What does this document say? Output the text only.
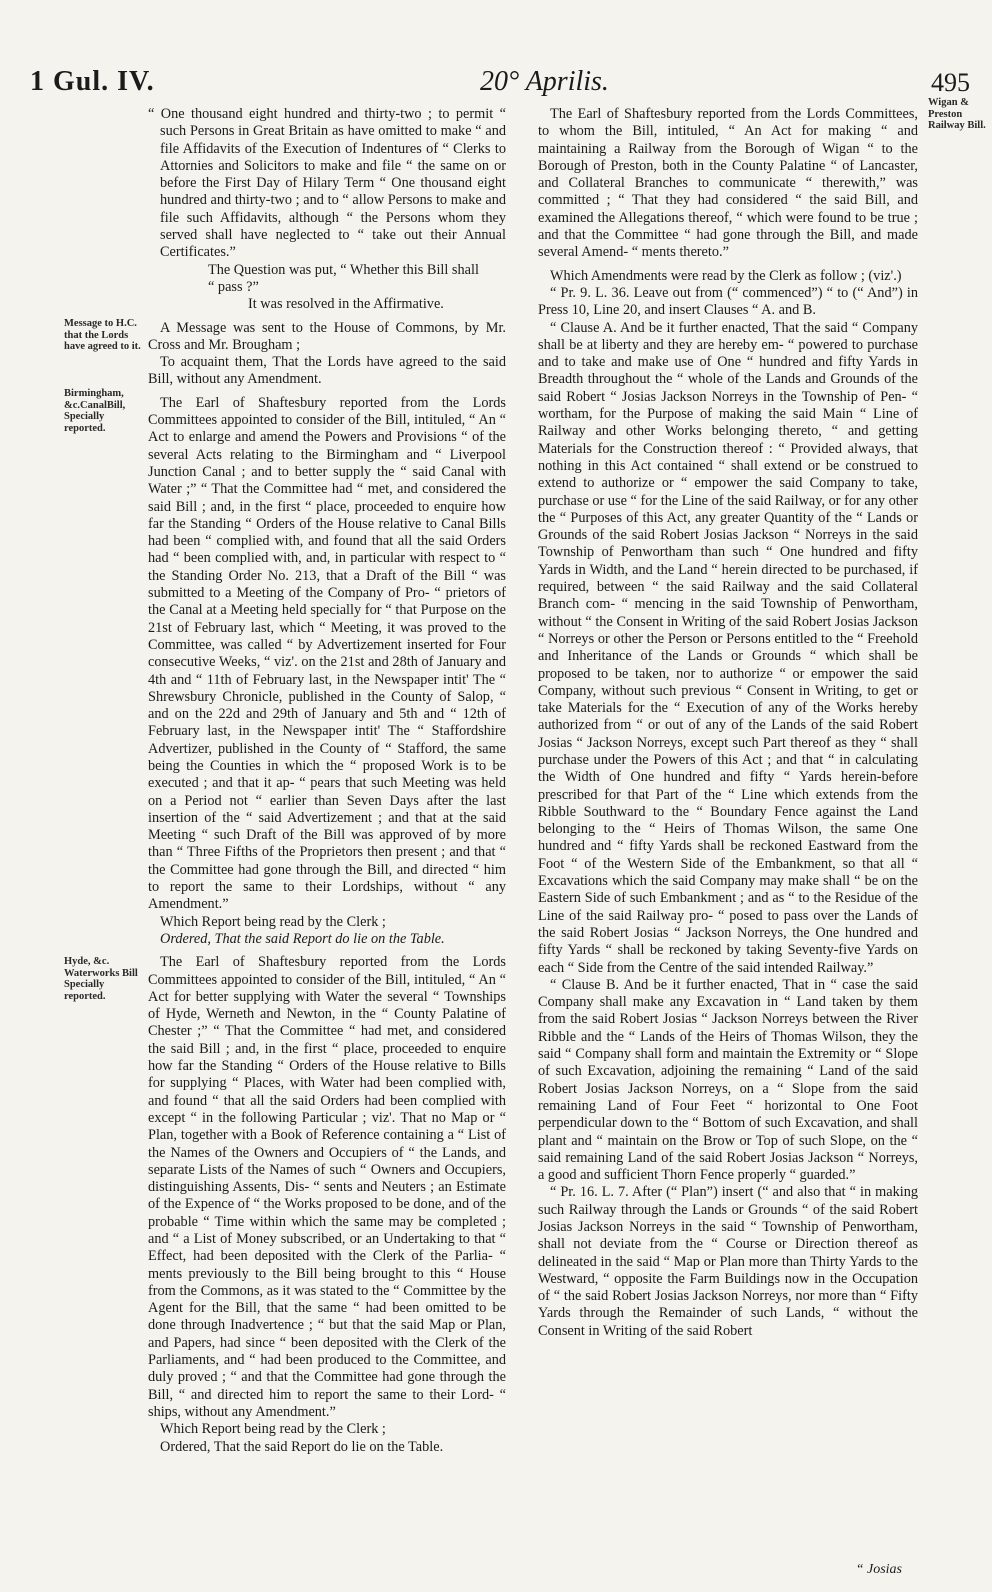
1 Gul. IV.	20° Aprilis.	495
Message to H.C. that the Lords have agreed to it.
Birmingham, &c.CanalBill, Specially reported.
Hyde, &c. Waterworks Bill Specially reported.
Wigan & Preston Railway Bill.

“ One thousand eight hundred and thirty-two ; to permit “ such Persons in Great Britain as have omitted to make “ and file Affidavits of the Execution of Indentures of “ Clerks to Attornies and Solicitors to make and file “ the same on or before the First Day of Hilary Term “ One thousand eight hundred and thirty-two ; and to “ allow Persons to make and file such Affidavits, although “ the Persons whom they served shall have neglected to “ take out their Annual Certificates.”

The Question was put, “ Whether this Bill shall

“ pass ?”

It was resolved in the Affirmative.

A Message was sent to the House of Commons, by Mr. Cross and Mr. Brougham ;

To acquaint them, That the Lords have agreed to the said Bill, without any Amendment.

The Earl of Shaftesbury reported from the Lords Committees appointed to consider of the Bill, intituled, “ An “ Act to enlarge and amend the Powers and Provisions “ of the several Acts relating to the Birmingham and “ Liverpool Junction Canal ; and to better supply the “ said Canal with Water ;” “ That the Committee had “ met, and considered the said Bill ; and, in the first “ place, proceeded to enquire how far the Standing “ Orders of the House relative to Canal Bills had been “ complied with, and found that all the said Orders had “ been complied with, and, in particular with respect to “ the Standing Order No. 213, that a Draft of the Bill “ was submitted to a Meeting of the Company of Pro- “ prietors of the Canal at a Meeting held specially for “ that Purpose on the 21st of February last, which “ Meeting, it was proved to the Committee, was called “ by Advertizement inserted for Four consecutive Weeks, “ viz'. on the 21st and 28th of January and 4th and “ 11th of February last, in the Newspaper intit' The “ Shrewsbury Chronicle, published in the County of Salop, “ and on the 22d and 29th of January and 5th and “ 12th of February last, in the Newspaper intit' The “ Staffordshire Advertizer, published in the County of “ Stafford, the same being the Counties in which the “ proposed Work is to be executed ; and that it ap- “ pears that such Meeting was held on a Period not “ earlier than Seven Days after the last insertion of the “ said Advertizement ; and that at the said Meeting “ such Draft of the Bill was approved of by more than “ Three Fifths of the Proprietors then present ; and that “ the Committee had gone through the Bill, and directed “ him to report the same to their Lordships, without “ any Amendment.”

Which Report being read by the Clerk ;

Ordered, That the said Report do lie on the Table.

The Earl of Shaftesbury reported from the Lords Committees appointed to consider of the Bill, intituled, “ An “ Act for better supplying with Water the several “ Townships of Hyde, Werneth and Newton, in the “ County Palatine of Chester ;” “ That the Committee “ had met, and considered the said Bill ; and, in the first “ place, proceeded to enquire how far the Standing “ Orders of the House relative to Bills for supplying “ Places, with Water had been complied with, and found “ that all the said Orders had been complied with except “ in the following Particular ; viz'. That no Map or “ Plan, together with a Book of Reference containing a “ List of the Names of the Owners and Occupiers of “ the Lands, and separate Lists of the Names of such “ Owners and Occupiers, distinguishing Assents, Dis- “ sents and Neuters ; an Estimate of the Expence of “ the Works proposed to be done, and of the probable “ Time within which the same may be completed ; and “ a List of Money subscribed, or an Undertaking to that “ Effect, had been deposited with the Clerk of the Parlia- “ ments previously to the Bill being brought to this “ House from the Commons, as it was stated to the “ Committee by the Agent for the Bill, that the same “ had been omitted to be done through Inadvertence ; “ but that the said Map or Plan, and Papers, had since “ been deposited with the Clerk of the Parliaments, and “ had been produced to the Committee, and duly proved ; “ and that the Committee had gone through the Bill, “ and directed him to report the same to their Lord- “ ships, without any Amendment.”

Which Report being read by the Clerk ;

Ordered, That the said Report do lie on the Table.

The Earl of Shaftesbury reported from the Lords Committees, to whom the Bill, intituled, “ An Act for making “ and maintaining a Railway from the Borough of Wigan “ to the Borough of Preston, both in the County Palatine “ of Lancaster, and Collateral Branches to communicate “ therewith,” was committed ; “ That they had considered “ the said Bill, and examined the Allegations thereof, “ which were found to be true ; and that the Committee “ had gone through the Bill, and made several Amend- “ ments thereto.”

Which Amendments were read by the Clerk as follow ; (viz'.)

“ Pr. 9. L. 36. Leave out from (“ commenced”) “ to (“ And”) in Press 10, Line 20, and insert Clauses “ A. and B.

“ Clause A. And be it further enacted, That the said “ Company shall be at liberty and they are hereby em- “ powered to purchase and to take and make use of One “ hundred and fifty Yards in Breadth throughout the “ whole of the Lands and Grounds of the said Robert “ Josias Jackson Norreys in the Township of Pen- “ wortham, for the Purpose of making the said Main “ Line of Railway and other Works belonging thereto, “ and getting Materials for the Construction thereof : “ Provided always, that nothing in this Act contained “ shall extend or be construed to extend to authorize or “ empower the said Company to take, purchase or use “ for the Line of the said Railway, or for any other the “ Purposes of this Act, any greater Quantity of the “ Lands or Grounds of the said Robert Josias Jackson “ Norreys in the said Township of Penwortham than such “ One hundred and fifty Yards in Width, and the Land “ herein directed to be purchased, if required, between “ the said Railway and the said Collateral Branch com- “ mencing in the said Township of Penwortham, without “ the Consent in Writing of the said Robert Josias Jackson “ Norreys or other the Person or Persons entitled to the “ Freehold and Inheritance of the Lands or Grounds “ which shall be proposed to be taken, nor to authorize “ or empower the said Company, without such previous “ Consent in Writing, to get or take Materials for the “ Execution of any of the Works hereby authorized from “ or out of any of the Lands of the said Robert Josias “ Jackson Norreys, except such Part thereof as they “ shall purchase under the Powers of this Act ; and that “ in calculating the Width of One hundred and fifty “ Yards herein-before prescribed for that Part of the “ Line which extends from the Ribble Southward to the “ Boundary Fence against the Land belonging to the “ Heirs of Thomas Wilson, the same One hundred and “ fifty Yards shall be reckoned Eastward from the Foot “ of the Western Side of the Embankment, so that all “ Excavations which the said Company may make shall “ be on the Eastern Side of such Embankment ; and as “ to the Residue of the Line of the said Railway pro- “ posed to pass over the Lands of the said Robert Josias “ Jackson Norreys, the One hundred and fifty Yards “ shall be reckoned by taking Seventy-five Yards on each “ Side from the Centre of the said intended Railway.”

“ Clause B. And be it further enacted, That in “ case the said Company shall make any Excavation in “ Land taken by them from the said Robert Josias “ Jackson Norreys between the River Ribble and the “ Lands of the Heirs of Thomas Wilson, they the said “ Company shall form and maintain the Extremity or “ Slope of such Excavation, adjoining the remaining “ Land of the said Robert Josias Jackson Norreys, on a “ Slope from the said remaining Land of Four Feet “ horizontal to One Foot perpendicular down to the “ Bottom of such Excavation, and shall plant and “ maintain on the Brow or Top of such Slope, on the “ said remaining Land of the said Robert Josias Jackson “ Norreys, a good and sufficient Thorn Fence properly “ guarded.”

“ Pr. 16. L. 7. After (“ Plan”) insert (“ and also that “ in making such Railway through the Lands or Grounds “ of the said Robert Josias Jackson Norreys in the said “ Township of Penwortham, shall not deviate from the “ Course or Direction thereof as delineated in the said “ Map or Plan more than Thirty Yards to the Westward, “ opposite the Farm Buildings now in the Occupation of “ the said Robert Josias Jackson Norreys, nor more than “ Fifty Yards through the Remainder of such Lands, “ without the Consent in Writing of the said Robert

“ Josias
